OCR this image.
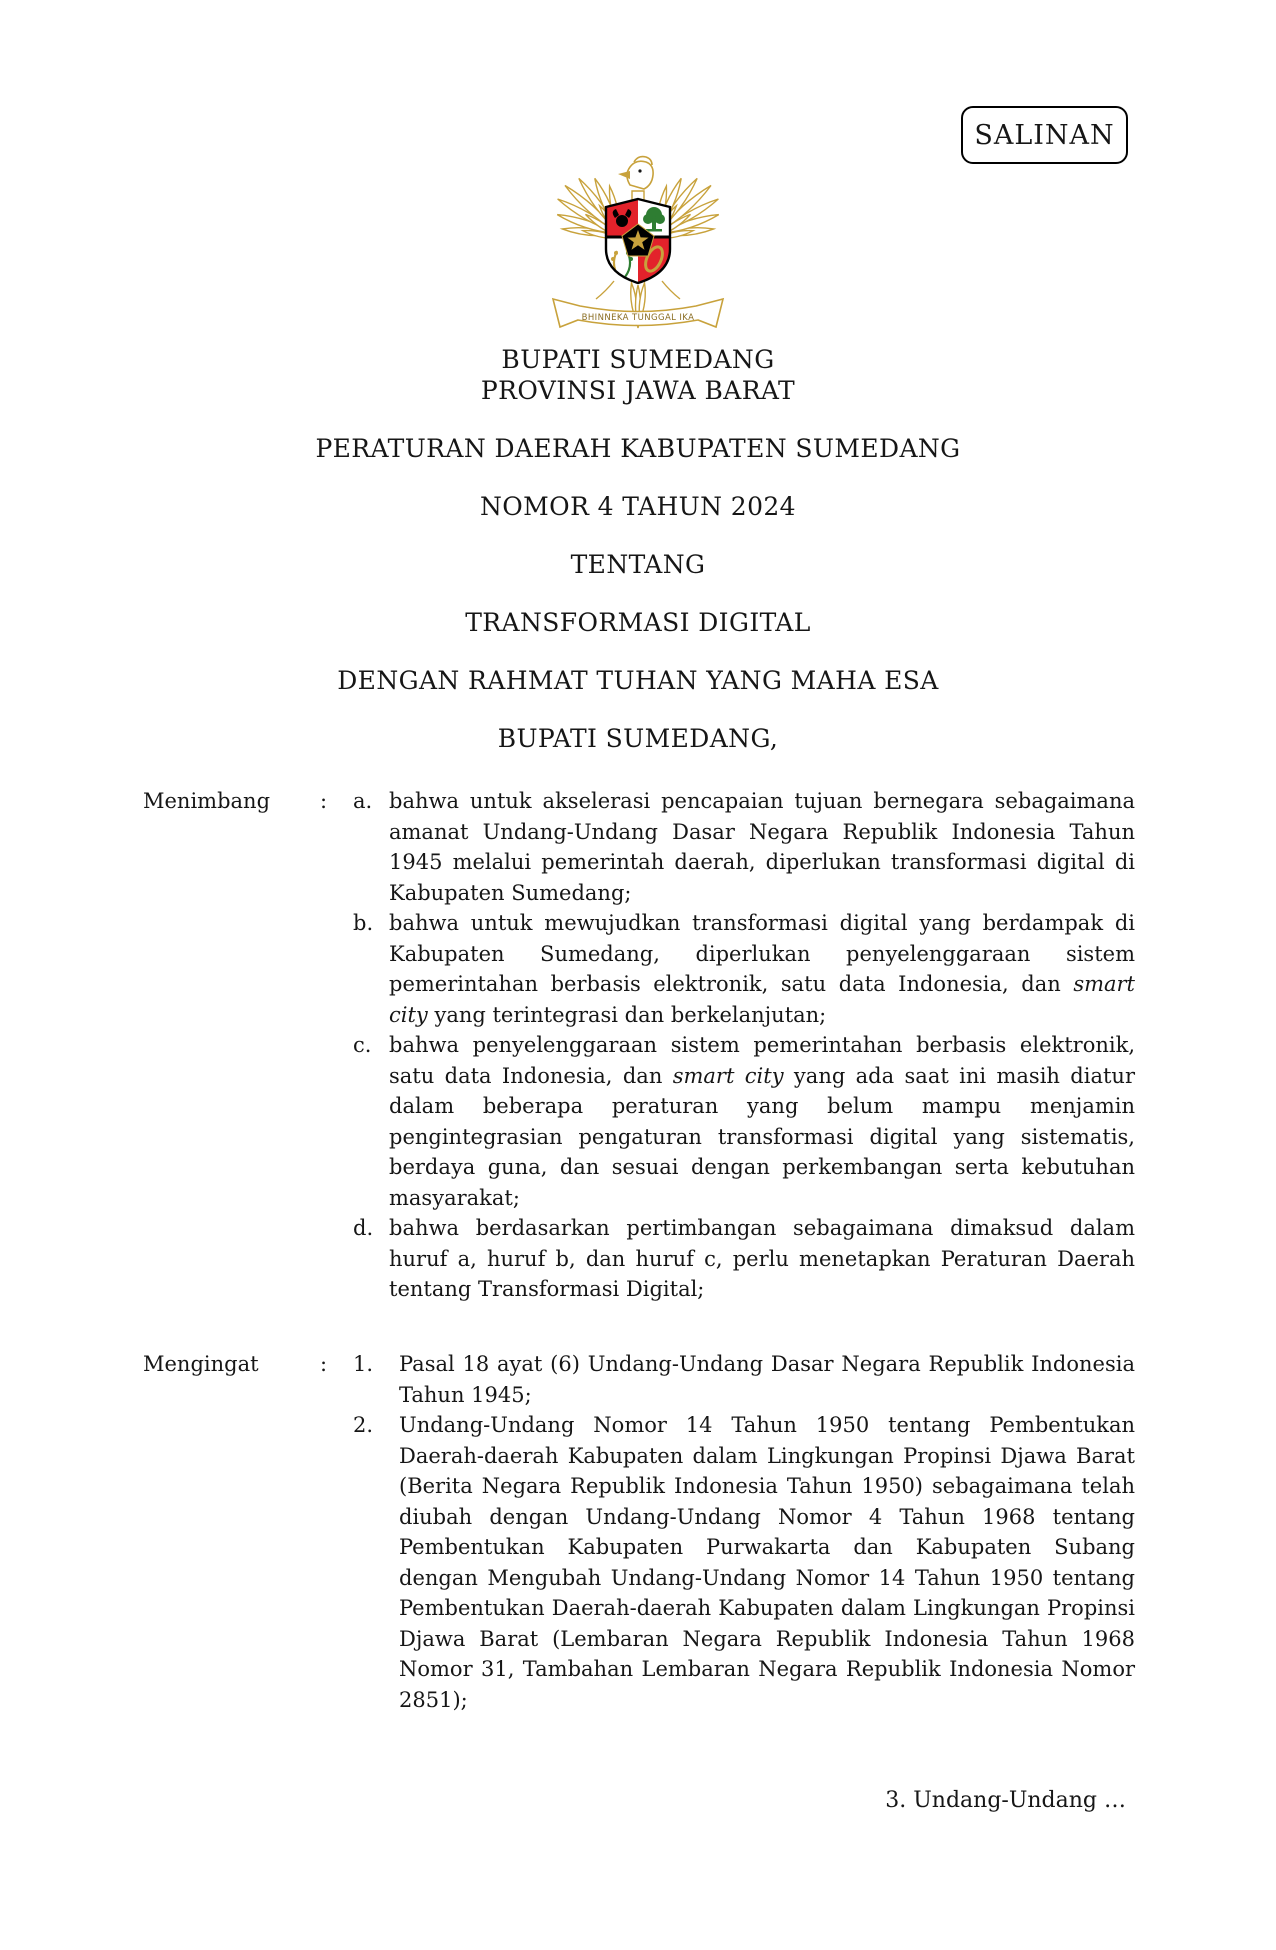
SALINAN
BHINNEKA TUNGGAL IKA
BUPATI SUMEDANG
PROVINSI JAWA BARAT
PERATURAN DAERAH KABUPATEN SUMEDANG
NOMOR 4 TAHUN 2024
TENTANG
TRANSFORMASI DIGITAL
DENGAN RAHMAT TUHAN YANG MAHA ESA
BUPATI SUMEDANG,
Menimbang	:	a. bahwa untuk akselerasi pencapaian tujuan bernegara sebagaimana amanat Undang-Undang Dasar Negara Republik Indonesia Tahun 1945 melalui pemerintah daerah, diperlukan transformasi digital di Kabupaten Sumedang;

b. bahwa untuk mewujudkan transformasi digital yang berdampak di Kabupaten Sumedang, diperlukan penyelenggaraan sistem pemerintahan berbasis elektronik, satu data Indonesia, dan smart city yang terintegrasi dan berkelanjutan;

c. bahwa penyelenggaraan sistem pemerintahan berbasis elektronik, satu data Indonesia, dan smart city yang ada saat ini masih diatur dalam beberapa peraturan yang belum mampu menjamin pengintegrasian pengaturan transformasi digital yang sistematis, berdaya guna, dan sesuai dengan perkembangan serta kebutuhan masyarakat;

d. bahwa berdasarkan pertimbangan sebagaimana dimaksud dalam huruf a, huruf b, dan huruf c, perlu menetapkan Peraturan Daerah tentang Transformasi Digital;

Mengingat	:	1.	Pasal 18 ayat (6) Undang-Undang Dasar Negara Republik Indonesia Tahun 1945;

2.	Undang-Undang Nomor 14 Tahun 1950 tentang Pembentukan Daerah-daerah Kabupaten dalam Lingkungan Propinsi Djawa Barat (Berita Negara Republik Indonesia Tahun 1950) sebagaimana telah diubah dengan Undang-Undang Nomor 4 Tahun 1968 tentang Pembentukan Kabupaten Purwakarta dan Kabupaten Subang dengan Mengubah Undang-Undang Nomor 14 Tahun 1950 tentang Pembentukan Daerah-daerah Kabupaten dalam Lingkungan Propinsi Djawa Barat (Lembaran Negara Republik Indonesia Tahun 1968 Nomor 31, Tambahan Lembaran Negara Republik Indonesia Nomor 2851);

3. Undang-Undang …
